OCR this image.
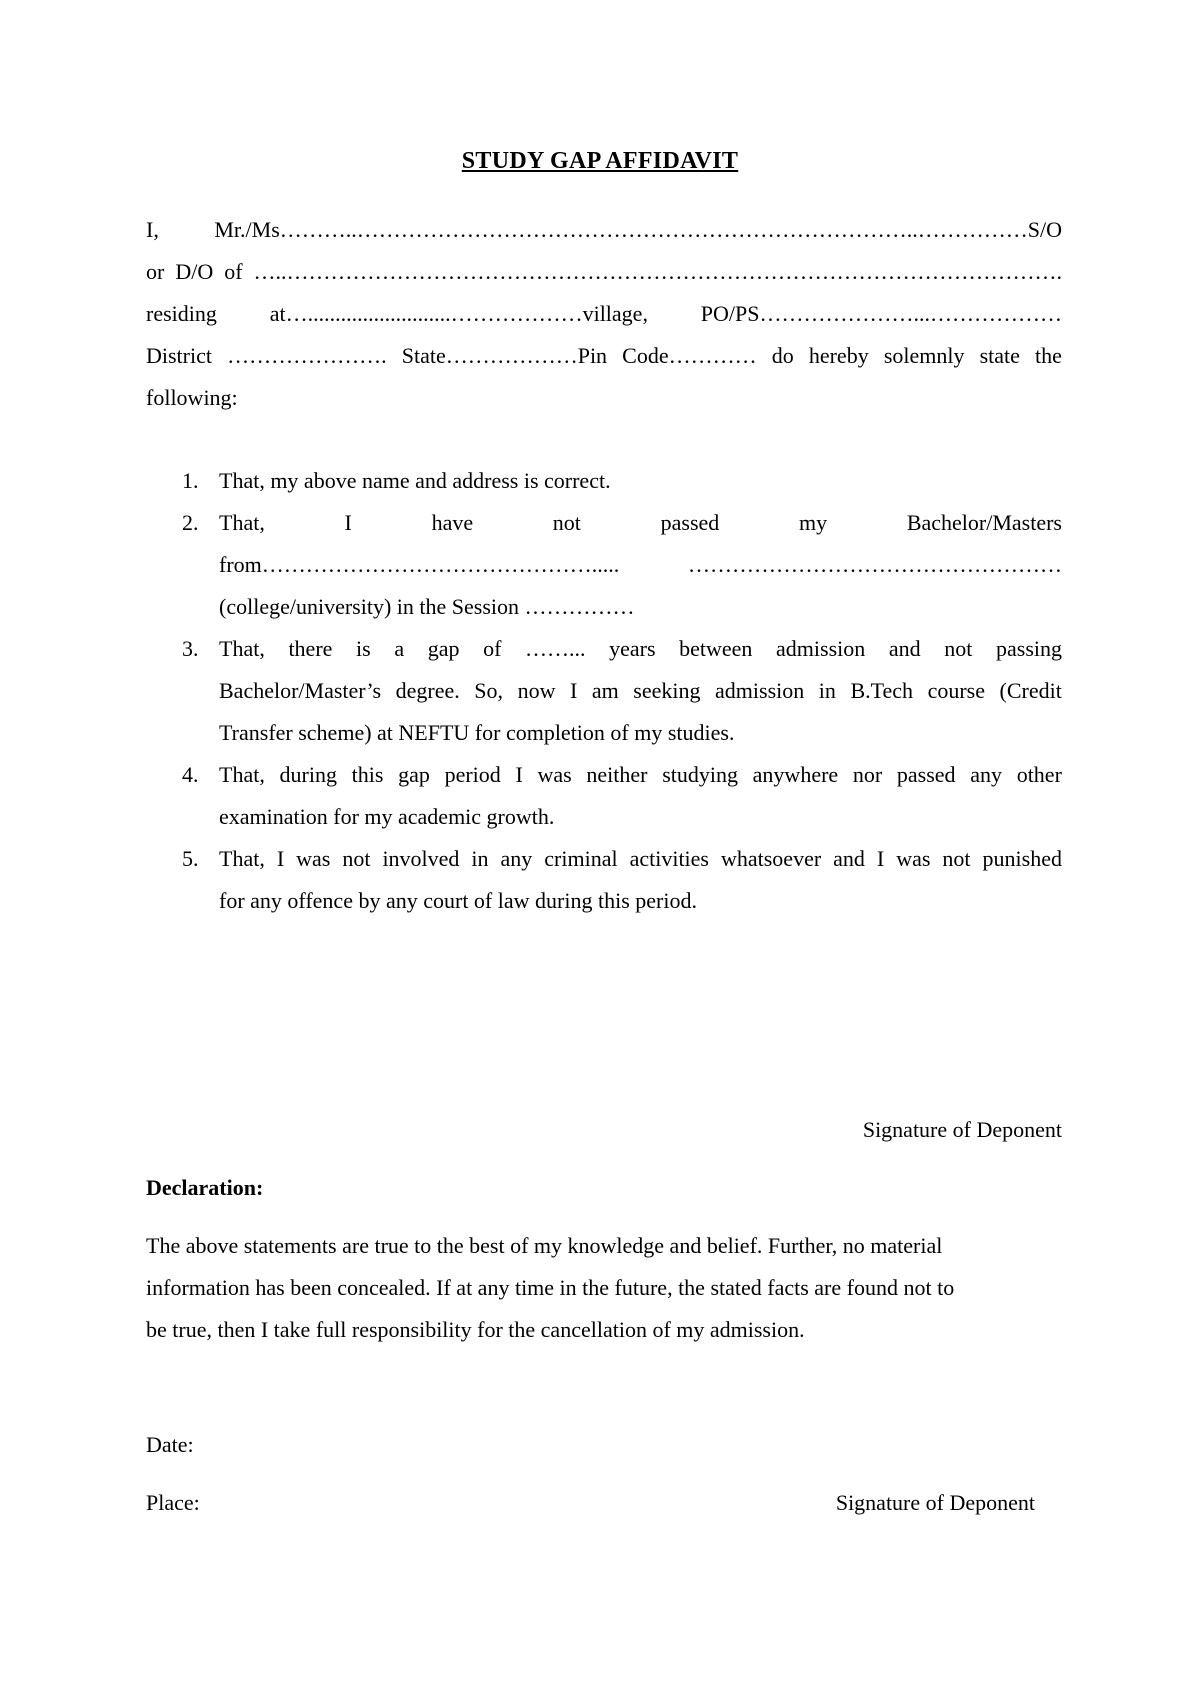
STUDY GAP AFFIDAVIT
I,	Mr./Ms………..…………………………………………………………………..……………S/O
or D/O of …..…………………………………………………………………………………………….
residing at…..........................………………village, PO/PS…………………...………………
District …………………. State………………Pin Code………… do hereby solemnly state the
following:
1. That, my above name and address is correct.
2. That,	I	have	not	passed	my	Bachelor/Masters
from……………………………………….....	……………………………………………
(college/university) in the Session ……………
3. That, there is a gap of ……... years between admission and not passing
Bachelor/Master’s degree. So, now I am seeking admission in B.Tech course (Credit
Transfer scheme) at NEFTU for completion of my studies.
4. That, during this gap period I was neither studying anywhere nor passed any other
examination for my academic growth.
5. That, I was not involved in any criminal activities whatsoever and I was not punished
for any offence by any court of law during this period.
Signature of Deponent
Declaration:
The above statements are true to the best of my knowledge and belief. Further, no material
information has been concealed. If at any time in the future, the stated facts are found not to
be true, then I take full responsibility for the cancellation of my admission.
Date:
Place:	Signature of Deponent
